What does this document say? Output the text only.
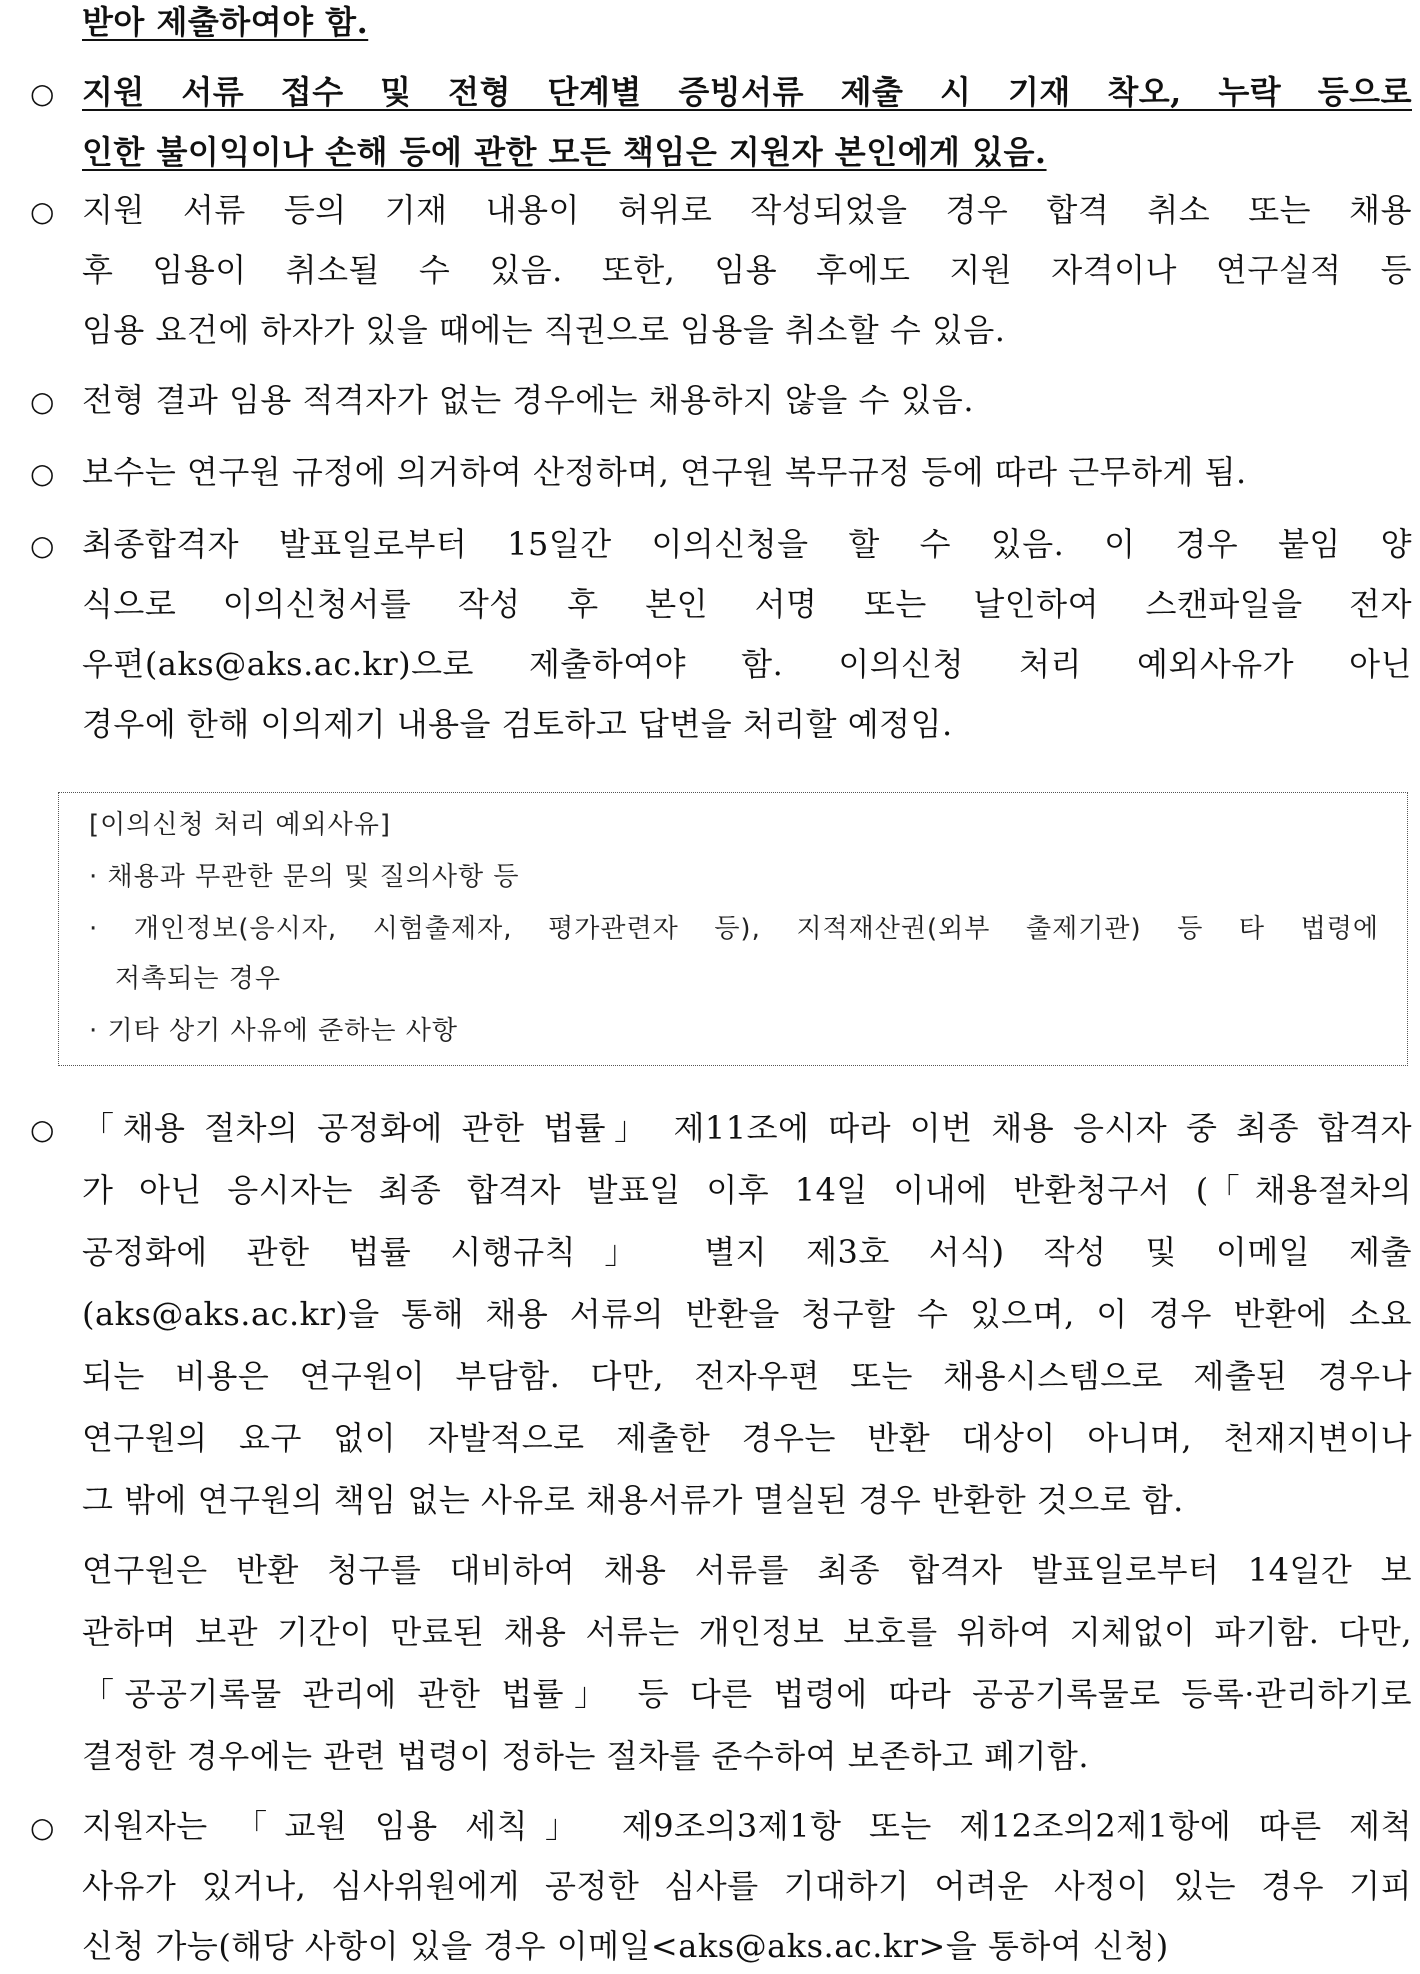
받아 제출하여야 함.
○ 지원 서류 접수 및 전형 단계별 증빙서류 제출 시 기재 착오, 누락 등으로
인한 불이익이나 손해 등에 관한 모든 책임은 지원자 본인에게 있음.
○ 지원 서류 등의 기재 내용이 허위로 작성되었을 경우 합격 취소 또는 채용
후 임용이 취소될 수 있음. 또한, 임용 후에도 지원 자격이나 연구실적 등
임용 요건에 하자가 있을 때에는 직권으로 임용을 취소할 수 있음.
○ 전형 결과 임용 적격자가 없는 경우에는 채용하지 않을 수 있음.
○ 보수는 연구원 규정에 의거하여 산정하며, 연구원 복무규정 등에 따라 근무하게 됨.
○ 최종합격자 발표일로부터 15일간 이의신청을 할 수 있음. 이 경우 붙임 양
식으로 이의신청서를 작성 후 본인 서명 또는 날인하여 스캔파일을 전자
우편(aks@aks.ac.kr)으로 제출하여야 함. 이의신청 처리 예외사유가 아닌
경우에 한해 이의제기 내용을 검토하고 답변을 처리할 예정임.
[이의신청 처리 예외사유]
· 채용과 무관한 문의 및 질의사항 등
· 개인정보(응시자, 시험출제자, 평가관련자 등), 지적재산권(외부 출제기관) 등 타 법령에
저촉되는 경우
· 기타 상기 사유에 준하는 사항
○ 「채용 절차의 공정화에 관한 법률」 제11조에 따라 이번 채용 응시자 중 최종 합격자
가 아닌 응시자는 최종 합격자 발표일 이후 14일 이내에 반환청구서 (「채용절차의
공정화에 관한 법률 시행규칙」 별지 제3호 서식) 작성 및 이메일 제출
(aks@aks.ac.kr)을 통해 채용 서류의 반환을 청구할 수 있으며, 이 경우 반환에 소요
되는 비용은 연구원이 부담함. 다만, 전자우편 또는 채용시스템으로 제출된 경우나
연구원의 요구 없이 자발적으로 제출한 경우는 반환 대상이 아니며, 천재지변이나
그 밖에 연구원의 책임 없는 사유로 채용서류가 멸실된 경우 반환한 것으로 함.
연구원은 반환 청구를 대비하여 채용 서류를 최종 합격자 발표일로부터 14일간 보
관하며 보관 기간이 만료된 채용 서류는 개인정보 보호를 위하여 지체없이 파기함. 다만,
「공공기록물 관리에 관한 법률」 등 다른 법령에 따라 공공기록물로 등록·관리하기로
결정한 경우에는 관련 법령이 정하는 절차를 준수하여 보존하고 폐기함.
○ 지원자는 「교원 임용 세칙」 제9조의3제1항 또는 제12조의2제1항에 따른 제척
사유가 있거나, 심사위원에게 공정한 심사를 기대하기 어려운 사정이 있는 경우 기피
신청 가능(해당 사항이 있을 경우 이메일<aks@aks.ac.kr>을 통하여 신청)
